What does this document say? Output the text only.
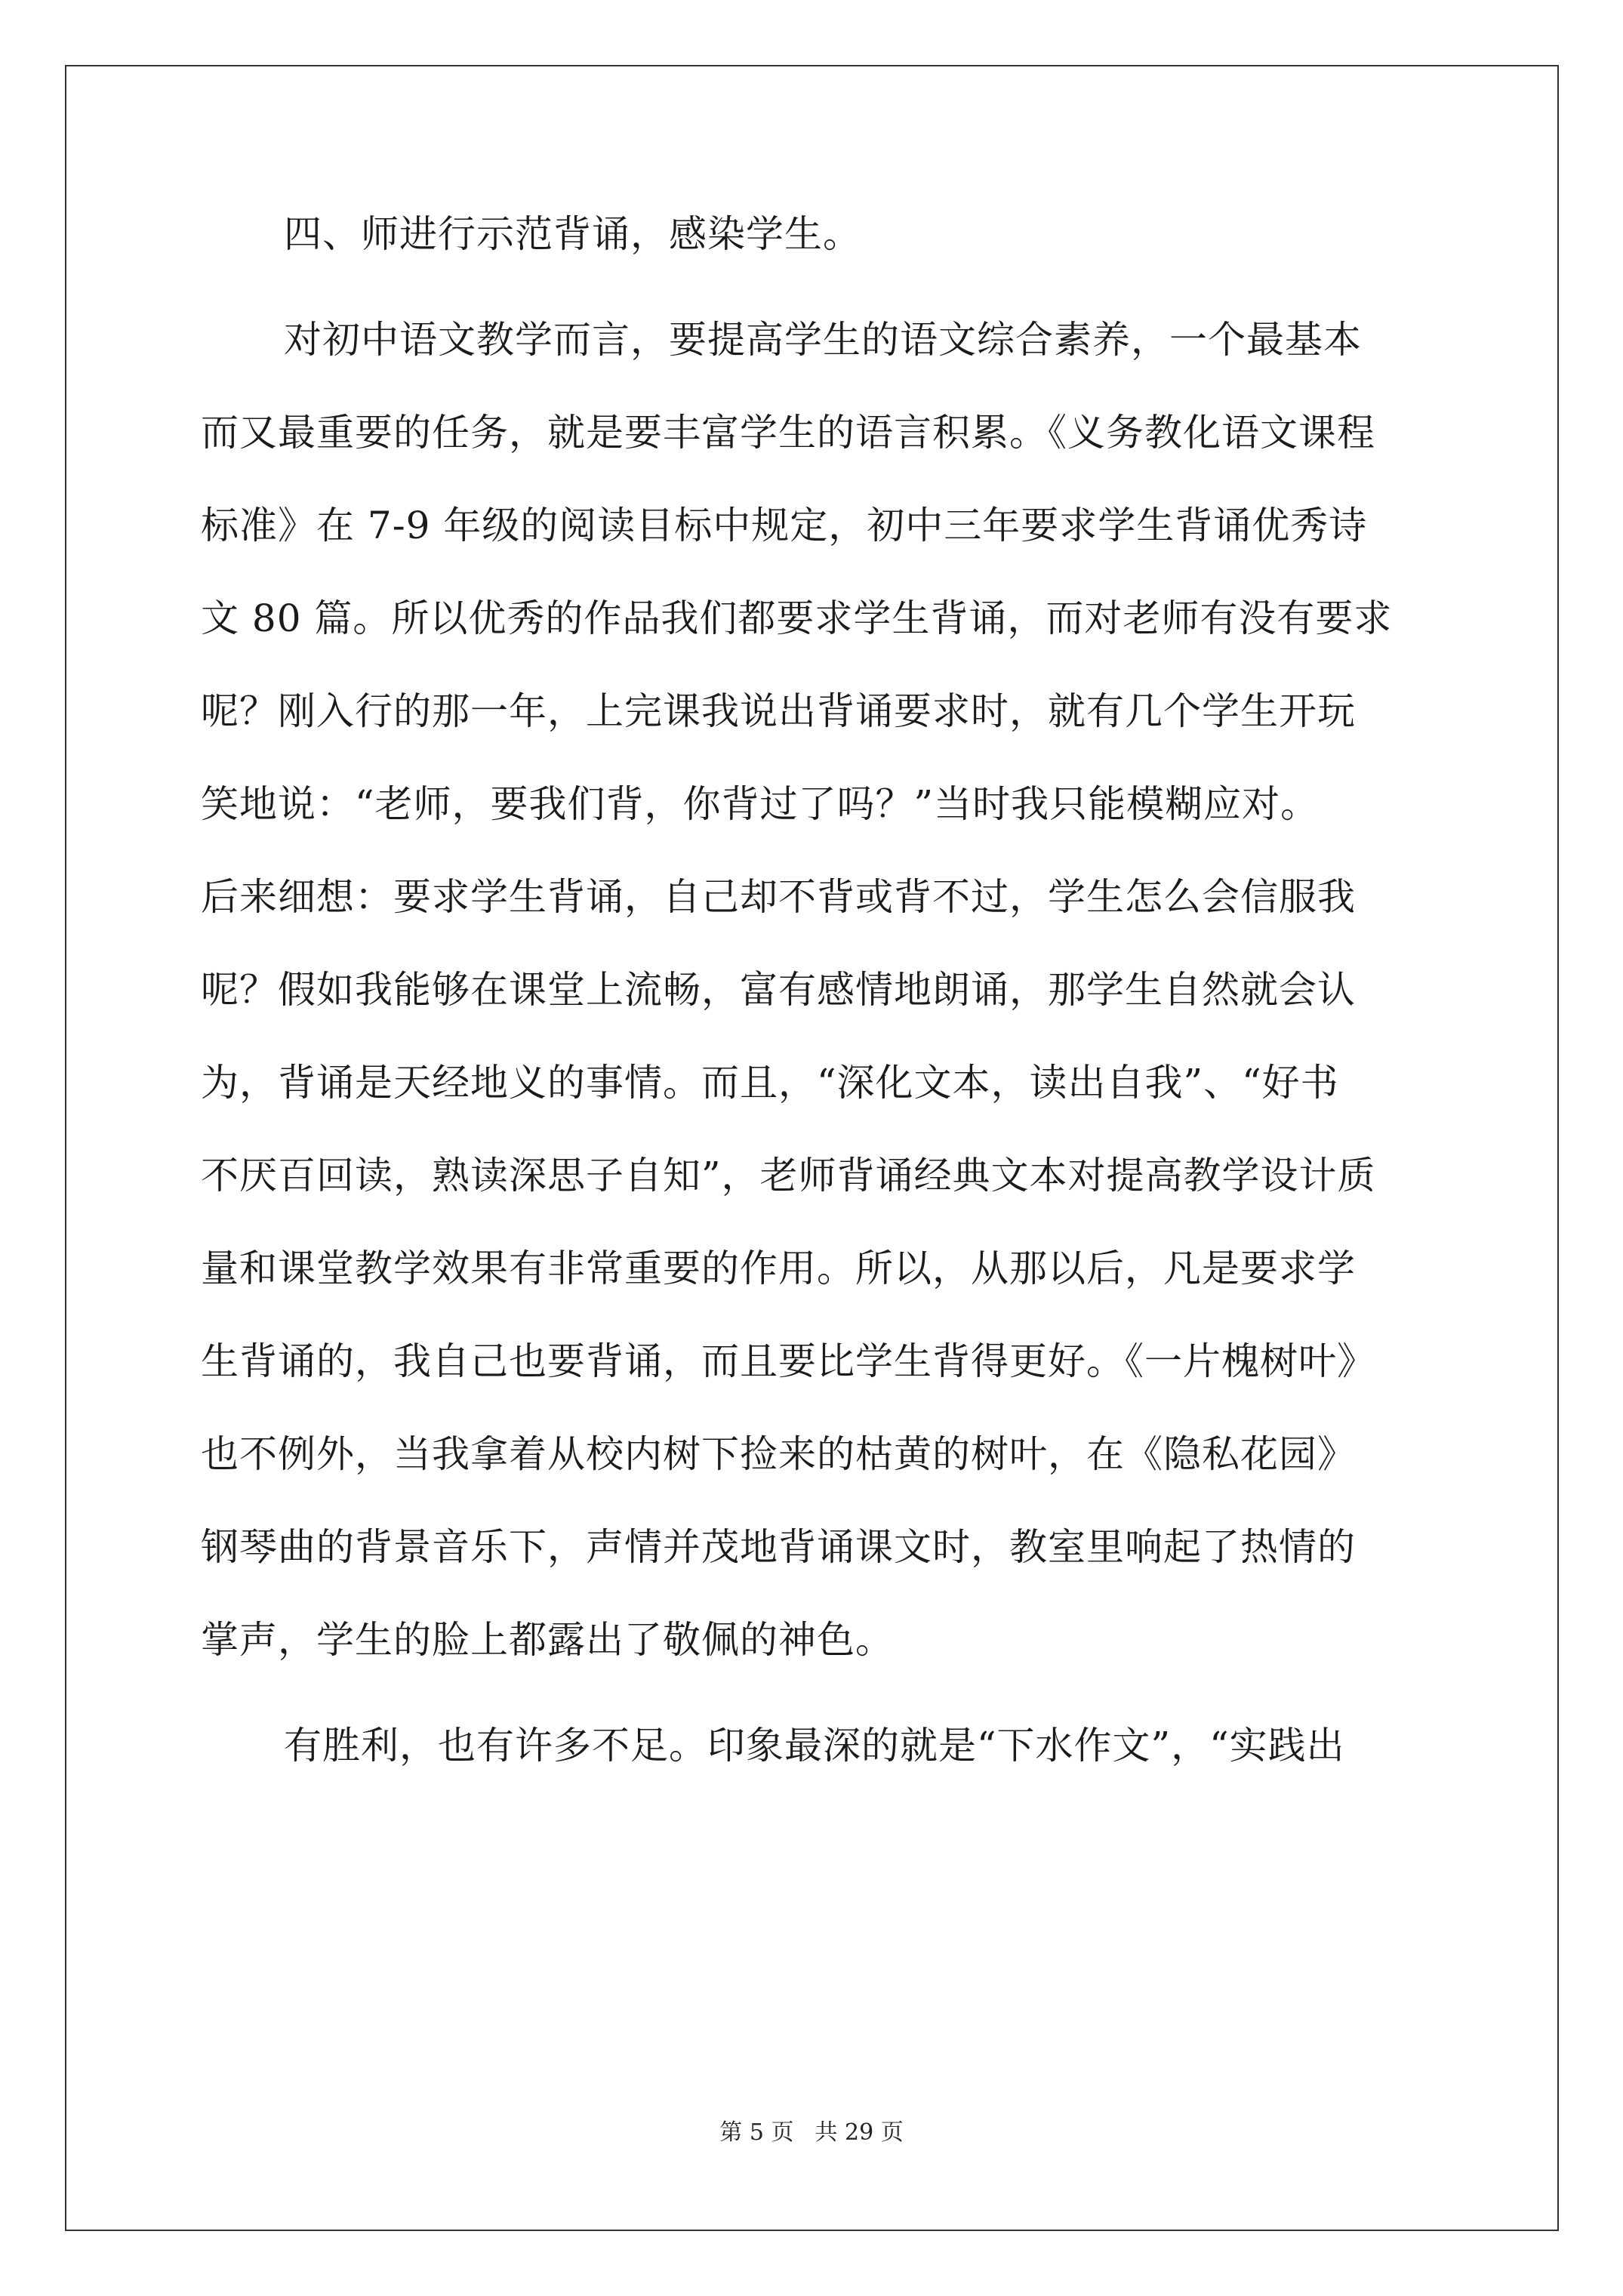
四、师进行示范背诵，感染学生。
对初中语文教学而言，要提高学生的语文综合素养，一个最基本
而又最重要的任务，就是要丰富学生的语言积累。《义务教化语文课程
标准》在 7-9 年级的阅读目标中规定，初中三年要求学生背诵优秀诗
文 80 篇。所以优秀的作品我们都要求学生背诵，而对老师有没有要求
呢？刚入行的那一年，上完课我说出背诵要求时，就有几个学生开玩
笑地说：“老师，要我们背，你背过了吗？”当时我只能模糊应对。
后来细想：要求学生背诵，自己却不背或背不过，学生怎么会信服我
呢？假如我能够在课堂上流畅，富有感情地朗诵，那学生自然就会认
为，背诵是天经地义的事情。而且，“深化文本，读出自我”、“好书
不厌百回读，熟读深思子自知”，老师背诵经典文本对提高教学设计质
量和课堂教学效果有非常重要的作用。所以，从那以后，凡是要求学
生背诵的，我自己也要背诵，而且要比学生背得更好。《一片槐树叶》
也不例外，当我拿着从校内树下捡来的枯黄的树叶，在《隐私花园》
钢琴曲的背景音乐下，声情并茂地背诵课文时，教室里响起了热情的
掌声，学生的脸上都露出了敬佩的神色。
有胜利，也有许多不足。印象最深的就是“下水作文”，“实践出
第 5 页 共 29 页
